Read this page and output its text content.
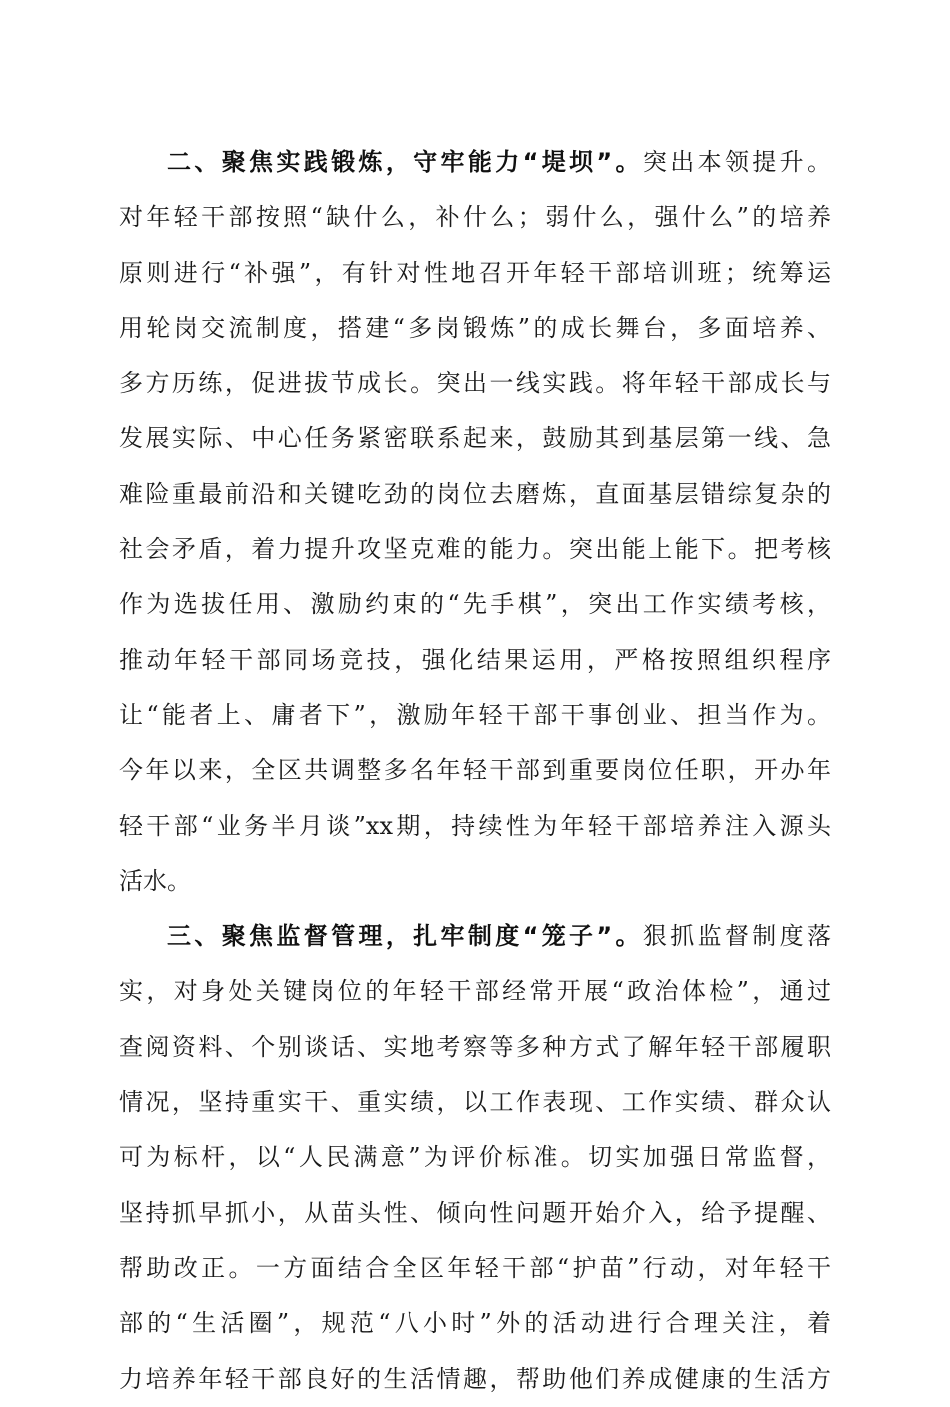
二、聚焦实践锻炼，守牢能力“堤坝”。突出本领提升。
对年轻干部按照“缺什么，补什么；弱什么，强什么”的培养
原则进行“补强”，有针对性地召开年轻干部培训班；统筹运
用轮岗交流制度，搭建“多岗锻炼”的成长舞台，多面培养、
多方历练，促进拔节成长。突出一线实践。将年轻干部成长与
发展实际、中心任务紧密联系起来，鼓励其到基层第一线、急
难险重最前沿和关键吃劲的岗位去磨炼，直面基层错综复杂的
社会矛盾，着力提升攻坚克难的能力。突出能上能下。把考核
作为选拔任用、激励约束的“先手棋”，突出工作实绩考核，
推动年轻干部同场竞技，强化结果运用，严格按照组织程序
让“能者上、庸者下”，激励年轻干部干事创业、担当作为。
今年以来，全区共调整多名年轻干部到重要岗位任职，开办年
轻干部“业务半月谈”xx期，持续性为年轻干部培养注入源头
活水。
三、聚焦监督管理，扎牢制度“笼子”。狠抓监督制度落
实，对身处关键岗位的年轻干部经常开展“政治体检”，通过
查阅资料、个别谈话、实地考察等多种方式了解年轻干部履职
情况，坚持重实干、重实绩，以工作表现、工作实绩、群众认
可为标杆，以“人民满意”为评价标准。切实加强日常监督，
坚持抓早抓小，从苗头性、倾向性问题开始介入，给予提醒、
帮助改正。一方面结合全区年轻干部“护苗”行动，对年轻干
部的“生活圈”，规范“八小时”外的活动进行合理关注，着
力培养年轻干部良好的生活情趣，帮助他们养成健康的生活方
